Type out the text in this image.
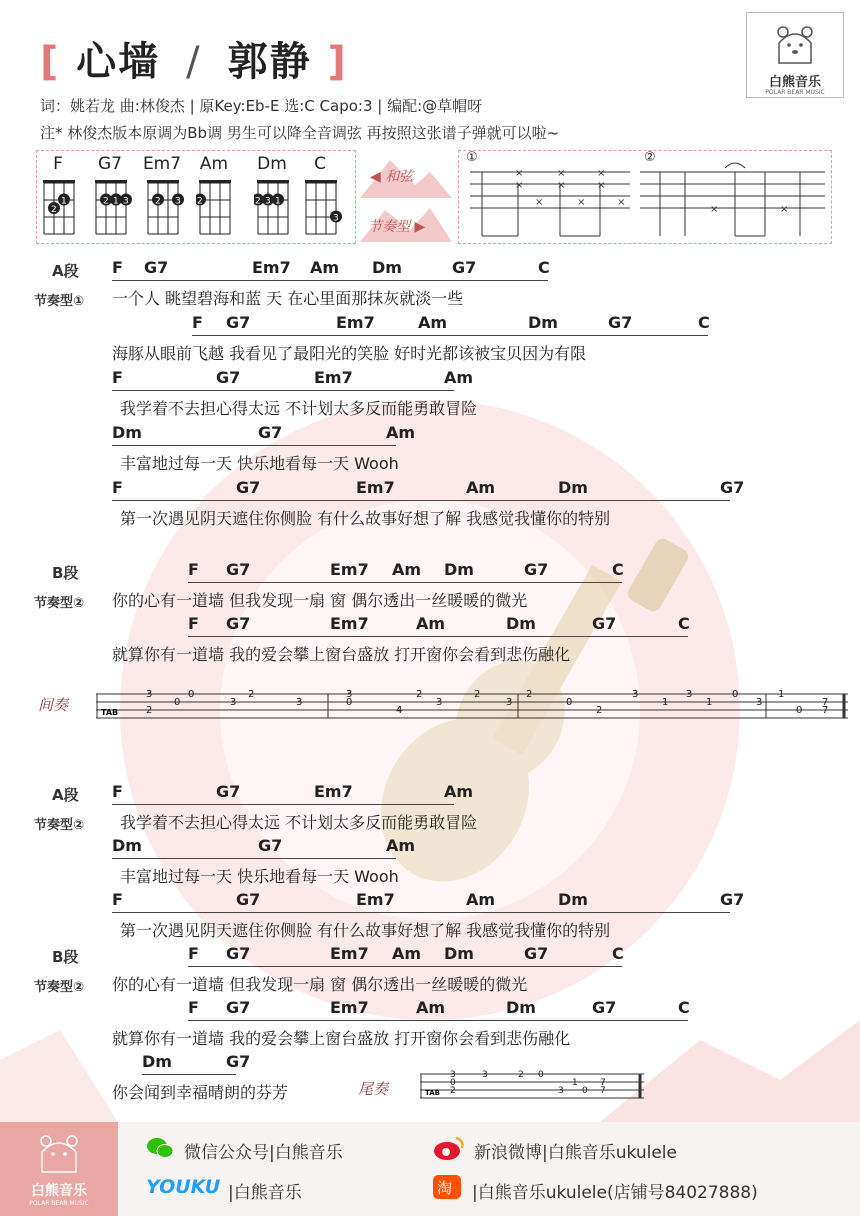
[ 心墙 / 郭静 ]
词：姚若龙 曲:林俊杰 | 原Key:Eb-E 选:C Capo:3 | 编配:@草帽呀
注* 林俊杰版本原调为Bb调 男生可以降全音调弦 再按照这张谱子弹就可以啦~
白熊音乐
POLAR BEAR MUSIC
F
2
1
G7
2 1 3
Em7
2 3
Am
2
Dm
2 3 1
C
3
◀ 和弦
节奏型 ▶
①	②
×
×
×
×
×
×
×	×	×
×	×
F G7	Em7 Am Dm	G7	C
一个人 眺望碧海和蓝 天 在心里面那抹灰就淡一些
F G7	Em7	Am	Dm	G7	C
海豚从眼前飞越 我看见了最阳光的笑脸 好时光都该被宝贝因为有限
F	G7	Em7	Am
我学着不去担心得太远 不计划太多反而能勇敢冒险
Dm	G7	Am
丰富地过每一天 快乐地看每一天 Wooh
F	G7	Em7	Am	Dm	G7
第一次遇见阴天遮住你侧脸 有什么故事好想了解 我感觉我懂你的特别
F G7	Em7 Am Dm	G7	C
你的心有一道墙 但我发现一扇 窗 偶尔透出一丝暖暖的微光
F G7	Em7	Am	Dm	G7	C
就算你有一道墙 我的爱会攀上窗台盛放 打开窗你会看到悲伤融化
F	G7	Em7	Am
我学着不去担心得太远 不计划太多反而能勇敢冒险
Dm	G7	Am
丰富地过每一天 快乐地看每一天 Wooh
F	G7	Em7	Am	Dm	G7
第一次遇见阴天遮住你侧脸 有什么故事好想了解 我感觉我懂你的特别
F G7	Em7 Am Dm	G7	C
你的心有一道墙 但我发现一扇 窗 偶尔透出一丝暖暖的微光
F G7	Em7	Am	Dm	G7	C
就算你有一道墙 我的爱会攀上窗台盛放 打开窗你会看到悲伤融化
Dm	G7
你会闻到幸福晴朗的芬芳
A段
节奏型①
B段
节奏型②
A段
节奏型②
B段
节奏型②
间奏	TAB
3
0
2
0
3
2
3
3
0
4
2
3
2
3
2
0
2
3
1
3
1
0
3
1
0
7
7
尾奏	TAB
3
0
2
3	2 0
3
1
0
7
7
白熊音乐
POLAR BEAR MUSIC
微信公众号|白熊音乐	新浪微博|白熊音乐ukulele
YOUKU |白熊音乐	淘 |白熊音乐ukulele(店铺号84027888)
